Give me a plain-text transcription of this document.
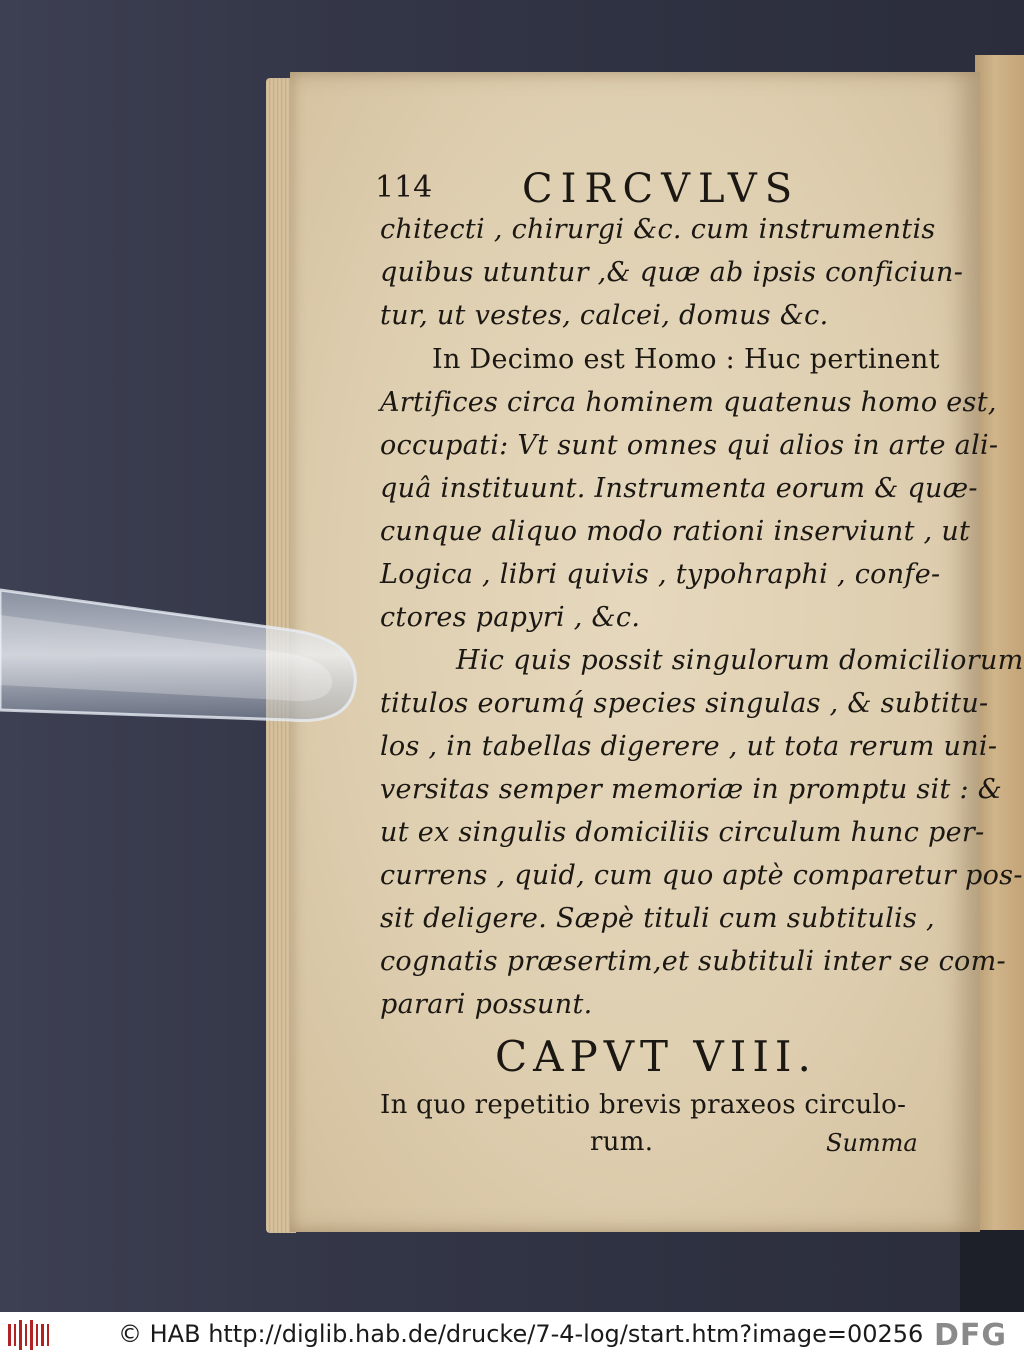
114 CIRCVLVS
chitecti , chirurgi &c. cum instrumentis
quibus utuntur ,& quæ ab ipsis conficiun-
tur, ut vestes, calcei, domus &c.
In Decimo est Homo : Huc pertinent
Artifices circa hominem quatenus homo est,
occupati: Vt sunt omnes qui alios in arte ali-
quâ instituunt. Instrumenta eorum & quæ-
cunque aliquo modo rationi inserviunt , ut
Logica , libri quivis , typohraphi , confe-
ctores papyri , &c.
Hic quis possit singulorum domiciliorum
titulos eorumq́ species singulas , & subtitu-
los , in tabellas digerere , ut tota rerum uni-
versitas semper memoriæ in promptu sit : &
ut ex singulis domiciliis circulum hunc per-
currens , quid, cum quo aptè comparetur pos-
sit deligere. Sæpè tituli cum subtitulis ,
cognatis præsertim,et subtituli inter se com-
parari possunt.
CAPVT VIII.
In quo repetitio brevis praxeos circulo-
rum.	Summa
© HAB http://diglib.hab.de/drucke/7-4-log/start.htm?image=00256 DFG
